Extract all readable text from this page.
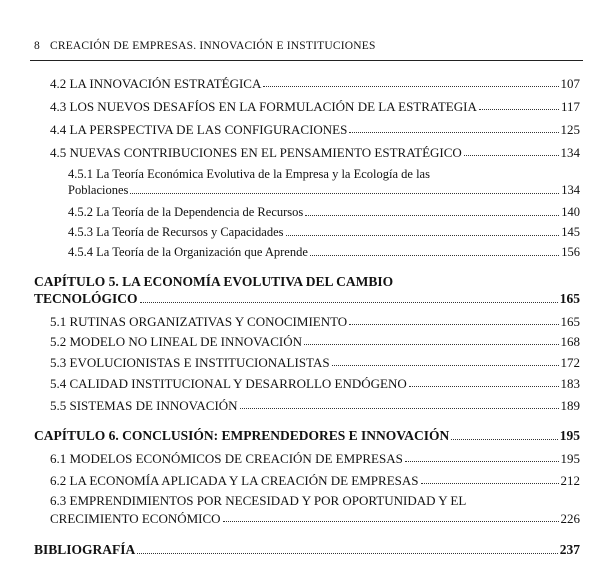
8 CREACIÓN DE EMPRESAS. INNOVACIÓN E INSTITUCIONES
4.2 LA INNOVACIÓN ESTRATÉGICA	107
4.3 LOS NUEVOS DESAFÍOS EN LA FORMULACIÓN DE LA ESTRATEGIA	117
4.4 LA PERSPECTIVA DE LAS CONFIGURACIONES	125
4.5 NUEVAS CONTRIBUCIONES EN EL PENSAMIENTO ESTRATÉGICO	134
4.5.1 La Teoría Económica Evolutiva de la Empresa y la Ecología de las
Poblaciones	134
4.5.2 La Teoría de la Dependencia de Recursos	140
4.5.3 La Teoría de Recursos y Capacidades	145
4.5.4 La Teoría de la Organización que Aprende	156
CAPÍTULO 5. LA ECONOMÍA EVOLUTIVA DEL CAMBIO
TECNOLÓGICO	165
5.1 RUTINAS ORGANIZATIVAS Y CONOCIMIENTO	165
5.2 MODELO NO LINEAL DE INNOVACIÓN	168
5.3 EVOLUCIONISTAS E INSTITUCIONALISTAS	172
5.4 CALIDAD INSTITUCIONAL Y DESARROLLO ENDÓGENO	183
5.5 SISTEMAS DE INNOVACIÓN	189
CAPÍTULO 6. CONCLUSIÓN: EMPRENDEDORES E INNOVACIÓN	195
6.1 MODELOS ECONÓMICOS DE CREACIÓN DE EMPRESAS	195
6.2 LA ECONOMÍA APLICADA Y LA CREACIÓN DE EMPRESAS	212
6.3 EMPRENDIMIENTOS POR NECESIDAD Y POR OPORTUNIDAD Y EL
CRECIMIENTO ECONÓMICO	226
BIBLIOGRAFÍA	237
